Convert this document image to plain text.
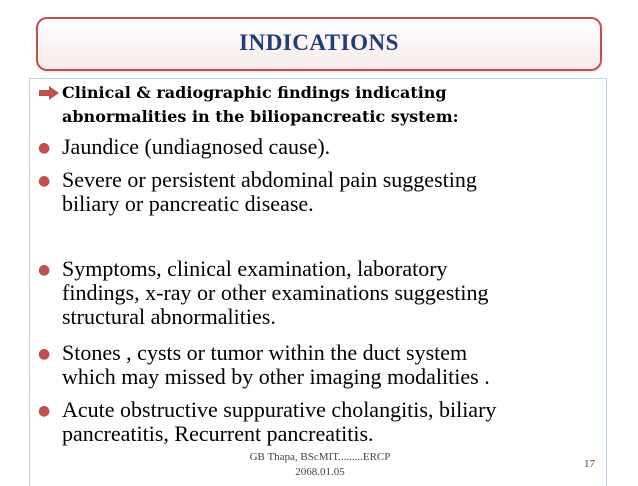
INDICATIONS
Clinical & radiographic findings indicating
abnormalities in the biliopancreatic system:
● Jaundice (undiagnosed cause).
● Severe or persistent abdominal pain suggesting
biliary or pancreatic disease.
● Symptoms, clinical examination, laboratory
findings, x-ray or other examinations suggesting
structural abnormalities.
● Stones , cysts or tumor within the duct system
which may missed by other imaging modalities .
● Acute obstructive suppurative cholangitis, biliary
pancreatitis, Recurrent pancreatitis.
GB Thapa, BScMIT.........ERCP
2068.01.05
17
